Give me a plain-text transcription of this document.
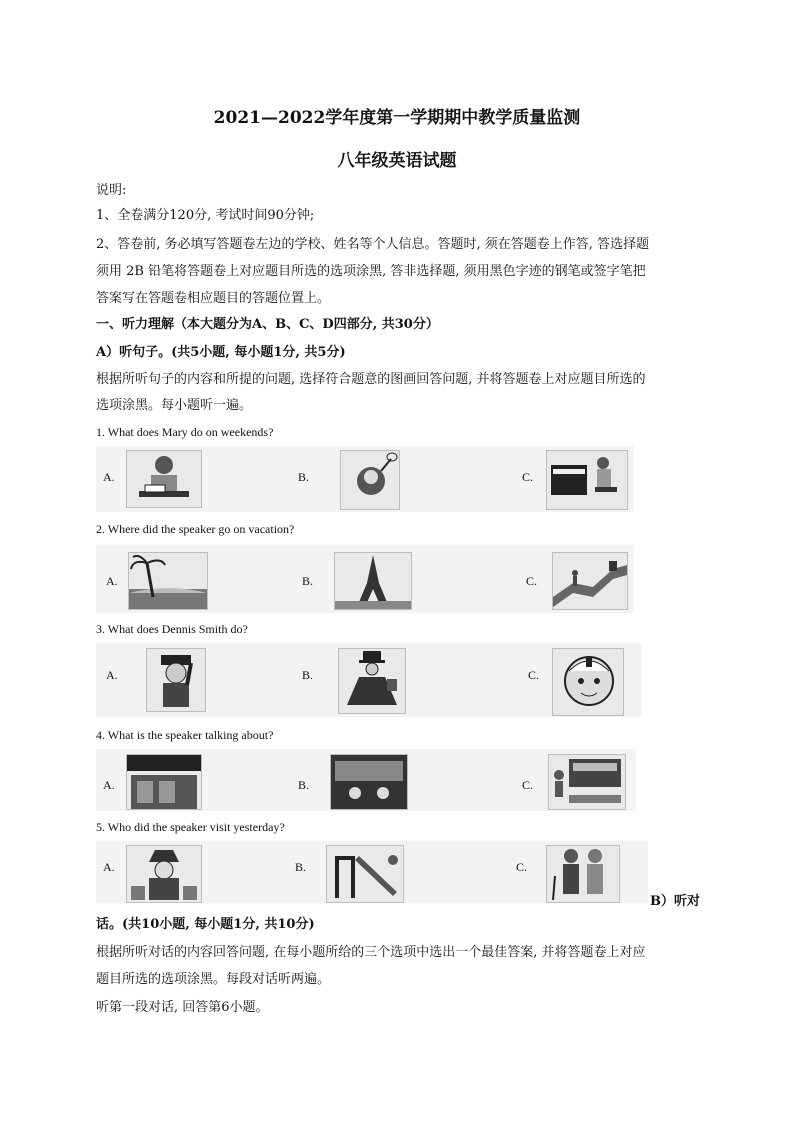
2021—2022学年度第一学期期中教学质量监测
八年级英语试题
说明:
1、全卷满分120分, 考试时间90分钟;
2、答卷前, 务必填写答题卷左边的学校、姓名等个人信息。答题时, 须在答题卷上作答, 答选择题
须用 2B 铅笔将答题卷上对应题目所选的选项涂黑, 答非选择题, 须用黑色字迹的钢笔或签字笔把
答案写在答题卷相应题目的答题位置上。
一、听力理解（本大题分为A、B、C、D四部分, 共30分）
A）听句子。(共5小题, 每小题1分, 共5分)
根据所听句子的内容和所提的问题, 选择符合题意的图画回答问题, 并将答题卷上对应题目所选的
选项涂黑。每小题听一遍。
1. What does Mary do on weekends?
A.	B.	C.
2. Where did the speaker go on vacation?
A.	B.	C.
3. What does Dennis Smith do?
A.	B.	C.
4. What is the speaker talking about?
A.	B.	C.
5. Who did the speaker visit yesterday?
A.	B.	C.
B）听对
话。(共10小题, 每小题1分, 共10分)
根据所听对话的内容回答问题, 在每小题所给的三个选项中选出一个最佳答案, 并将答题卷上对应
题目所选的选项涂黑。每段对话听两遍。
听第一段对话, 回答第6小题。
